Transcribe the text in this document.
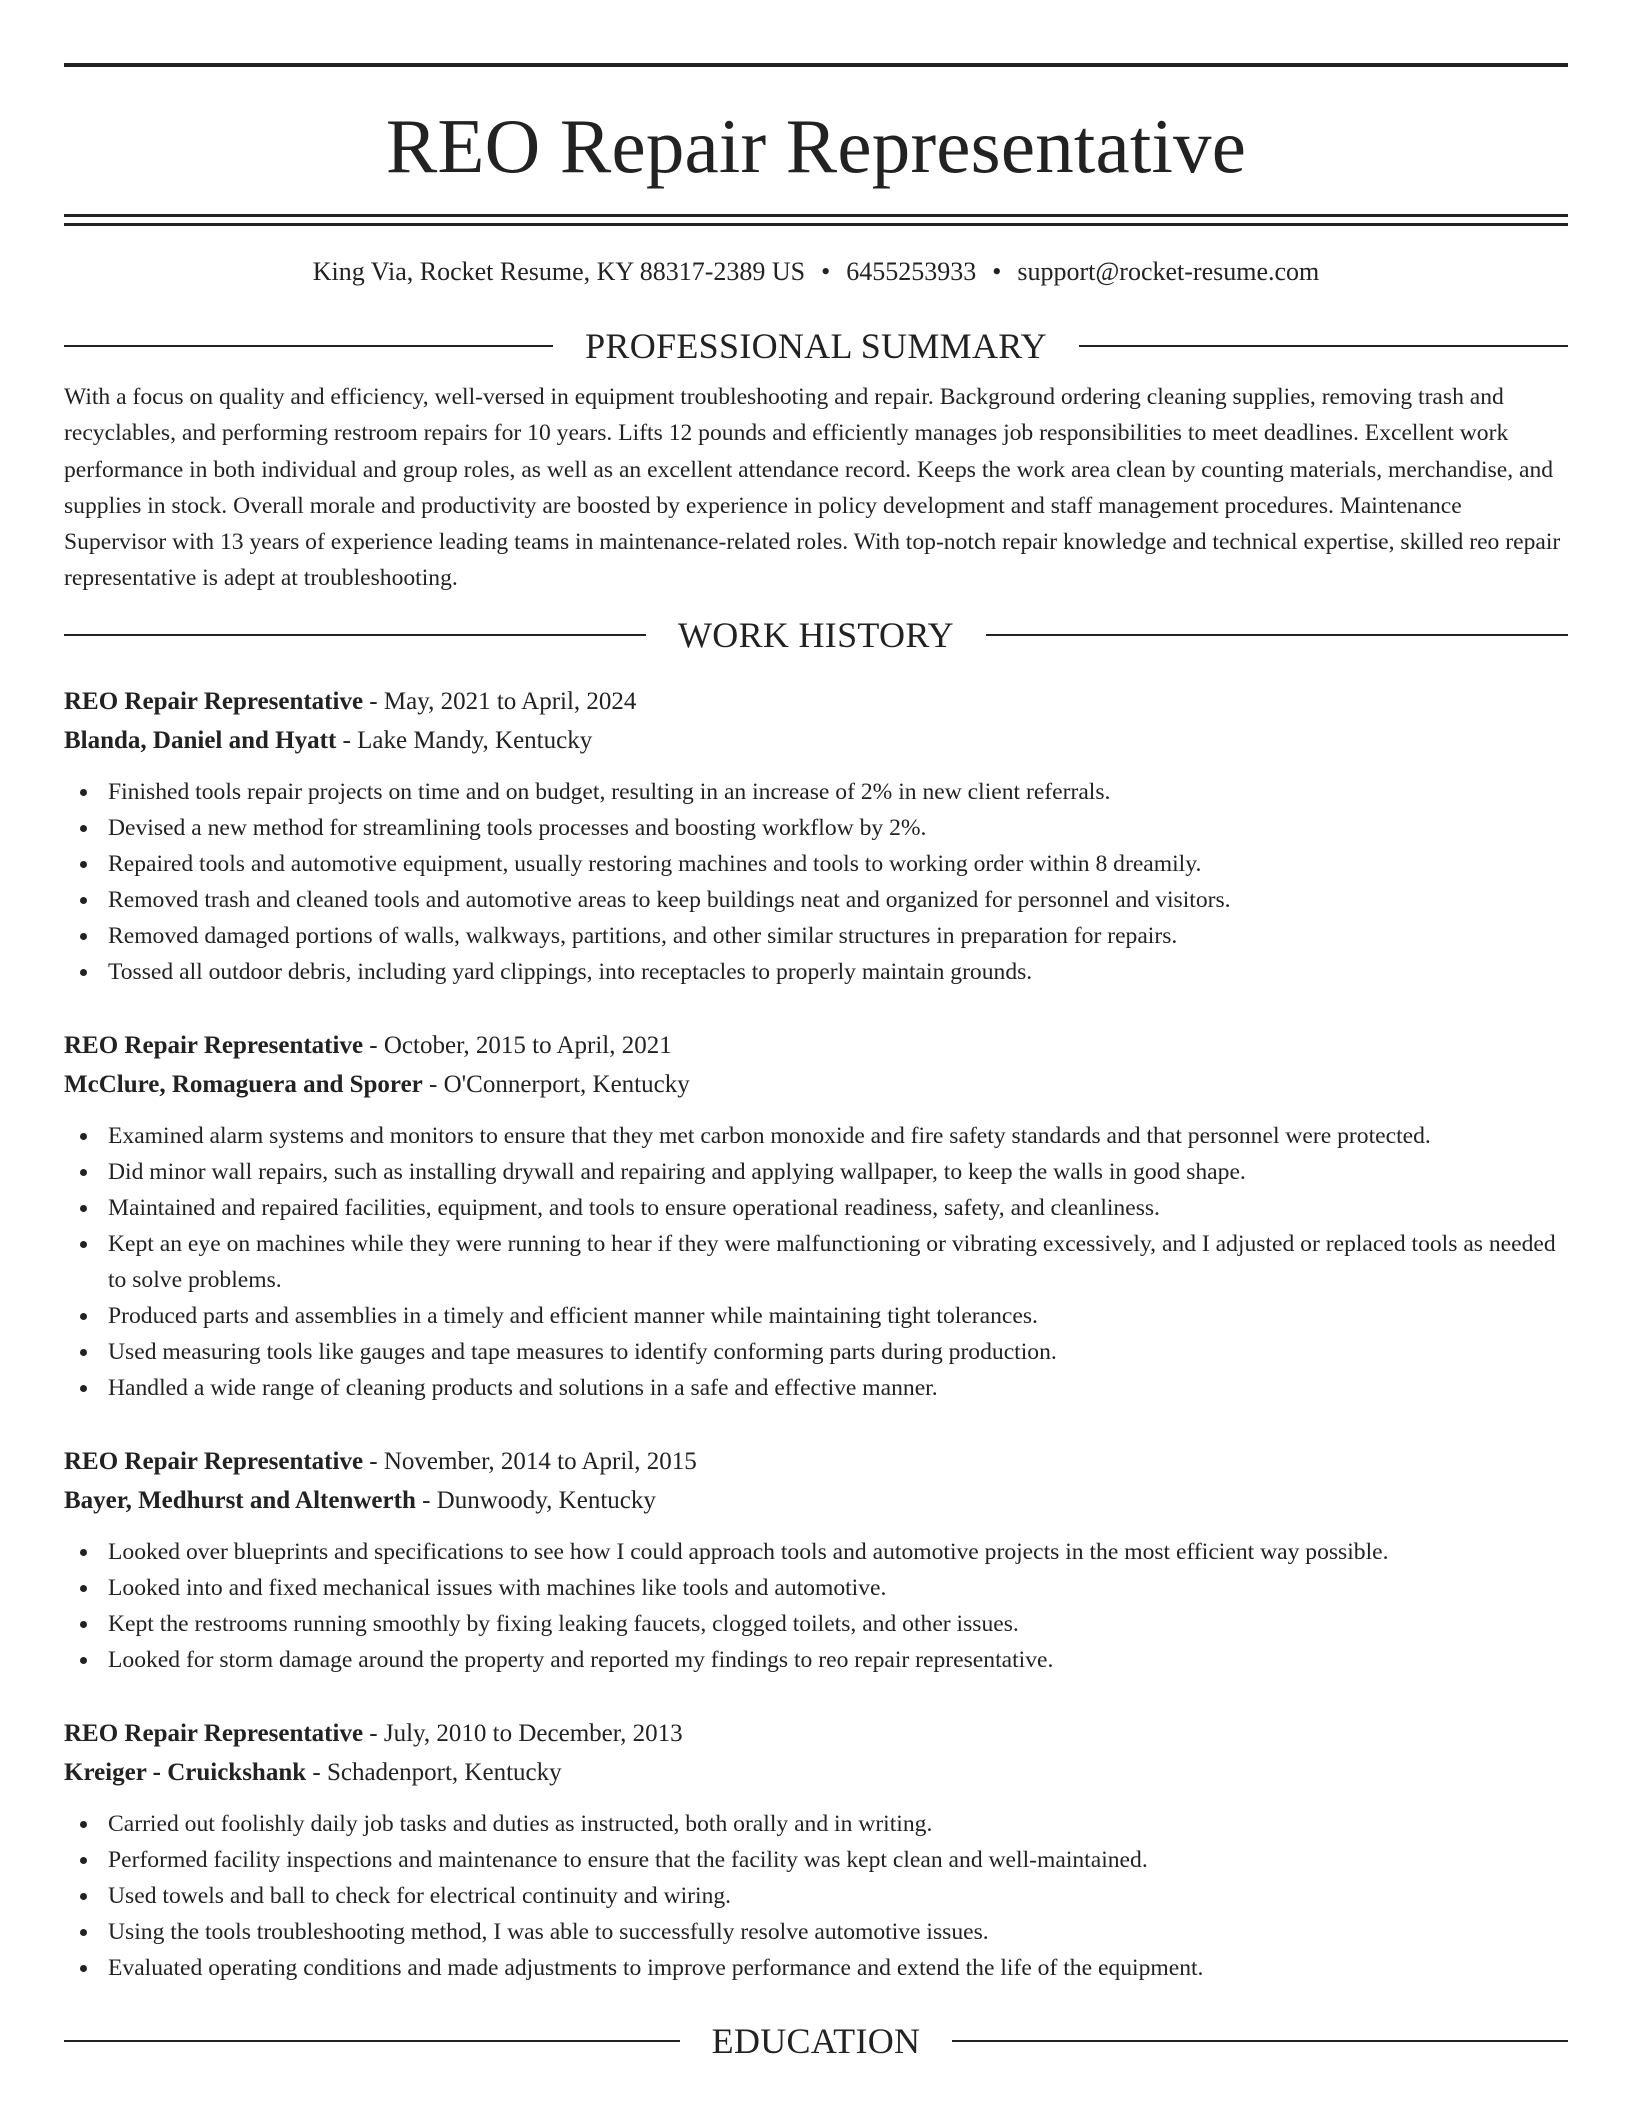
REO Repair Representative
King Via, Rocket Resume, KY 88317-2389 US • 6455253933 • support@rocket-resume.com
PROFESSIONAL SUMMARY

With a focus on quality and efficiency, well-versed in equipment troubleshooting and repair. Background ordering cleaning supplies, removing trash and recyclables, and performing restroom repairs for 10 years. Lifts 12 pounds and efficiently manages job responsibilities to meet deadlines. Excellent work performance in both individual and group roles, as well as an excellent attendance record. Keeps the work area clean by counting materials, merchandise, and supplies in stock. Overall morale and productivity are boosted by experience in policy development and staff management procedures. Maintenance Supervisor with 13 years of experience leading teams in maintenance-related roles. With top-notch repair knowledge and technical expertise, skilled reo repair representative is adept at troubleshooting.

WORK HISTORY
REO Repair Representative - May, 2021 to April, 2024
Blanda, Daniel and Hyatt - Lake Mandy, Kentucky
Finished tools repair projects on time and on budget, resulting in an increase of 2% in new client referrals.
Devised a new method for streamlining tools processes and boosting workflow by 2%.
Repaired tools and automotive equipment, usually restoring machines and tools to working order within 8 dreamily.
Removed trash and cleaned tools and automotive areas to keep buildings neat and organized for personnel and visitors.
Removed damaged portions of walls, walkways, partitions, and other similar structures in preparation for repairs.
Tossed all outdoor debris, including yard clippings, into receptacles to properly maintain grounds.
REO Repair Representative - October, 2015 to April, 2021
McClure, Romaguera and Sporer - O'Connerport, Kentucky
Examined alarm systems and monitors to ensure that they met carbon monoxide and fire safety standards and that personnel were protected.
Did minor wall repairs, such as installing drywall and repairing and applying wallpaper, to keep the walls in good shape.
Maintained and repaired facilities, equipment, and tools to ensure operational readiness, safety, and cleanliness.
Kept an eye on machines while they were running to hear if they were malfunctioning or vibrating excessively, and I adjusted or replaced tools as needed to solve problems.
Produced parts and assemblies in a timely and efficient manner while maintaining tight tolerances.
Used measuring tools like gauges and tape measures to identify conforming parts during production.
Handled a wide range of cleaning products and solutions in a safe and effective manner.
REO Repair Representative - November, 2014 to April, 2015
Bayer, Medhurst and Altenwerth - Dunwoody, Kentucky
Looked over blueprints and specifications to see how I could approach tools and automotive projects in the most efficient way possible.
Looked into and fixed mechanical issues with machines like tools and automotive.
Kept the restrooms running smoothly by fixing leaking faucets, clogged toilets, and other issues.
Looked for storm damage around the property and reported my findings to reo repair representative.
REO Repair Representative - July, 2010 to December, 2013
Kreiger - Cruickshank - Schadenport, Kentucky
Carried out foolishly daily job tasks and duties as instructed, both orally and in writing.
Performed facility inspections and maintenance to ensure that the facility was kept clean and well-maintained.
Used towels and ball to check for electrical continuity and wiring.
Using the tools troubleshooting method, I was able to successfully resolve automotive issues.
Evaluated operating conditions and made adjustments to improve performance and extend the life of the equipment.
EDUCATION
